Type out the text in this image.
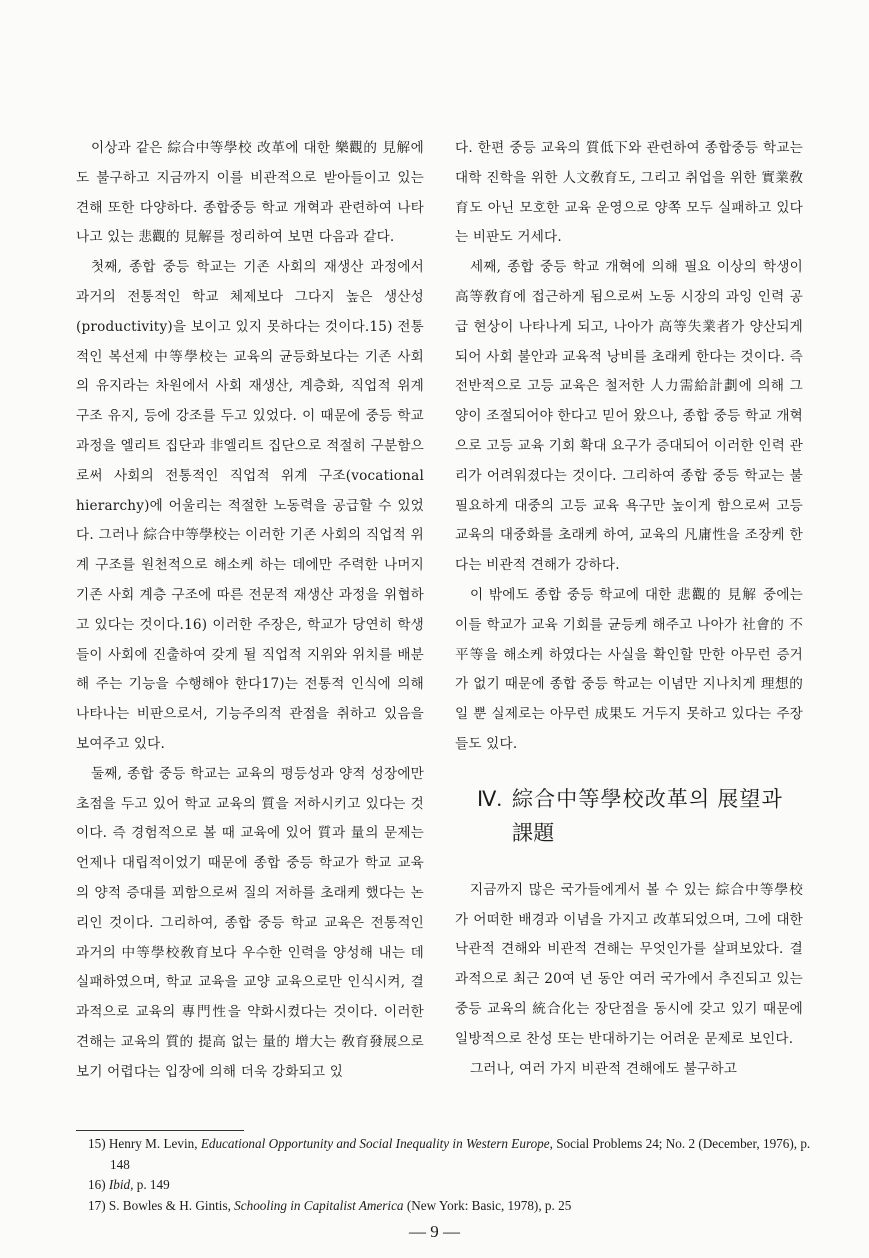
이상과 같은 綜合中等學校 改革에 대한 樂觀的 見解에도 불구하고 지금까지 이를 비관적으로 받아들이고 있는 견해 또한 다양하다. 종합중등 학교 개혁과 관련하여 나타나고 있는 悲觀的 見解를 정리하여 보면 다음과 같다.

첫째, 종합 중등 학교는 기존 사회의 재생산 과정에서 과거의 전통적인 학교 체제보다 그다지 높은 생산성(productivity)을 보이고 있지 못하다는 것이다.15) 전통적인 복선제 中等學校는 교육의 균등화보다는 기존 사회의 유지라는 차원에서 사회 재생산, 계층화, 직업적 위계 구조 유지, 등에 강조를 두고 있었다. 이 때문에 중등 학교 과정을 엘리트 집단과 非엘리트 집단으로 적절히 구분함으로써 사회의 전통적인 직업적 위계 구조(vocational hierarchy)에 어울리는 적절한 노동력을 공급할 수 있었다. 그러나 綜合中等學校는 이러한 기존 사회의 직업적 위계 구조를 원천적으로 해소케 하는 데에만 주력한 나머지 기존 사회 계층 구조에 따른 전문적 재생산 과정을 위협하고 있다는 것이다.16) 이러한 주장은, 학교가 당연히 학생들이 사회에 진출하여 갖게 될 직업적 지위와 위치를 배분해 주는 기능을 수행해야 한다17)는 전통적 인식에 의해 나타나는 비판으로서, 기능주의적 관점을 취하고 있음을 보여주고 있다.

둘째, 종합 중등 학교는 교육의 평등성과 양적 성장에만 초점을 두고 있어 학교 교육의 質을 저하시키고 있다는 것이다. 즉 경험적으로 볼 때 교육에 있어 質과 量의 문제는 언제나 대립적이었기 때문에 종합 중등 학교가 학교 교육의 양적 증대를 꾀함으로써 질의 저하를 초래케 했다는 논리인 것이다. 그리하여, 종합 중등 학교 교육은 전통적인 과거의 中等學校敎育보다 우수한 인력을 양성해 내는 데 실패하였으며, 학교 교육을 교양 교육으로만 인식시켜, 결과적으로 교육의 專門性을 약화시켰다는 것이다. 이러한 견해는 교육의 質的 提高 없는 量的 增大는 敎育發展으로 보기 어렵다는 입장에 의해 더욱 강화되고 있

다. 한편 중등 교육의 質低下와 관련하여 종합중등 학교는 대학 진학을 위한 人文敎育도, 그리고 취업을 위한 實業敎育도 아닌 모호한 교육 운영으로 양쪽 모두 실패하고 있다는 비판도 거세다.

세째, 종합 중등 학교 개혁에 의해 필요 이상의 학생이 高等敎育에 접근하게 됨으로써 노동 시장의 과잉 인력 공급 현상이 나타나게 되고, 나아가 高等失業者가 양산되게 되어 사회 불안과 교육적 낭비를 초래케 한다는 것이다. 즉 전반적으로 고등 교육은 철저한 人力需給計劃에 의해 그 양이 조절되어야 한다고 믿어 왔으나, 종합 중등 학교 개혁으로 고등 교육 기회 확대 요구가 증대되어 이러한 인력 관리가 어려워졌다는 것이다. 그리하여 종합 중등 학교는 불필요하게 대중의 고등 교육 욕구만 높이게 함으로써 고등 교육의 대중화를 초래케 하여, 교육의 凡庸性을 조장케 한다는 비관적 견해가 강하다.

이 밖에도 종합 중등 학교에 대한 悲觀的 見解 중에는 이들 학교가 교육 기회를 균등케 해주고 나아가 社會的 不平等을 해소케 하였다는 사실을 확인할 만한 아무런 증거가 없기 때문에 종합 중등 학교는 이념만 지나치게 理想的일 뿐 실제로는 아무런 成果도 거두지 못하고 있다는 주장들도 있다.

Ⅳ. 綜合中等學校改革의 展望과 課題

지금까지 많은 국가들에게서 볼 수 있는 綜合中等學校가 어떠한 배경과 이념을 가지고 改革되었으며, 그에 대한 낙관적 견해와 비관적 견해는 무엇인가를 살펴보았다. 결과적으로 최근 20여 년 동안 여러 국가에서 추진되고 있는 중등 교육의 統合化는 장단점을 동시에 갖고 있기 때문에 일방적으로 찬성 또는 반대하기는 어려운 문제로 보인다.

그러나, 여러 가지 비관적 견해에도 불구하고

15) Henry M. Levin, Educational Opportunity and Social Inequality in Western Europe, Social Problems 24; No. 2 (December, 1976), p. 148
16) Ibid, p. 149
17) S. Bowles & H. Gintis, Schooling in Capitalist America (New York: Basic, 1978), p. 25
— 9 —
